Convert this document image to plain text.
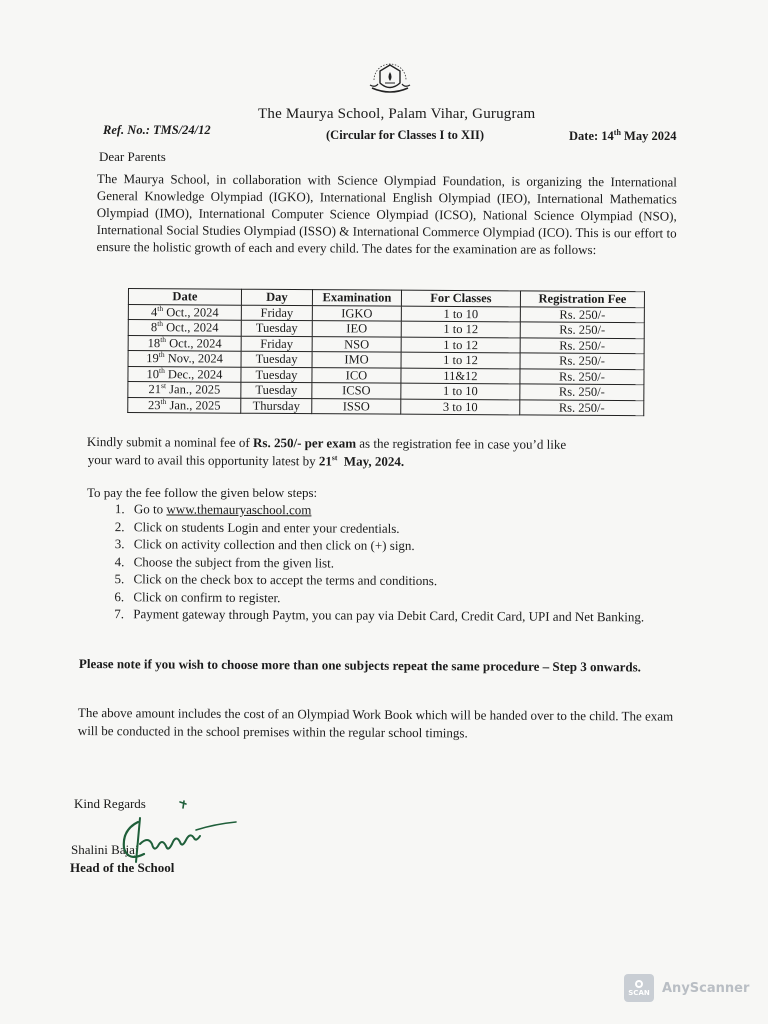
The Maurya School, Palam Vihar, Gurugram
Ref. No.: TMS/24/12	(Circular for Classes I to XII)	Date: 14th May 2024
Dear Parents
The Maurya School, in collaboration with Science Olympiad Foundation, is organizing the International General Knowledge Olympiad (IGKO), International English Olympiad (IEO), International Mathematics Olympiad (IMO), International Computer Science Olympiad (ICSO), National Science Olympiad (NSO), International Social Studies Olympiad (ISSO) & International Commerce Olympiad (ICO). This is our effort to ensure the holistic growth of each and every child. The dates for the examination are as follows:
Date	Day	Examination	For Classes	Registration Fee
4th Oct., 2024	Friday	IGKO	1 to 10	Rs. 250/-
8th Oct., 2024	Tuesday	IEO	1 to 12	Rs. 250/-
18th Oct., 2024	Friday	NSO	1 to 12	Rs. 250/-
19th Nov., 2024	Tuesday	IMO	1 to 12	Rs. 250/-
10th Dec., 2024	Tuesday	ICO	11&12	Rs. 250/-
21st Jan., 2025	Tuesday	ICSO	1 to 10	Rs. 250/-
23th Jan., 2025	Thursday	ISSO	3 to 10	Rs. 250/-
Kindly submit a nominal fee of Rs. 250/- per exam as the registration fee in case you’d like
your ward to avail this opportunity latest by 21st  May, 2024.
To pay the fee follow the given below steps:
1. Go to www.themauryaschool.com
2. Click on students Login and enter your credentials.
3. Click on activity collection and then click on (+) sign.
4. Choose the subject from the given list.
5. Click on the check box to accept the terms and conditions.
6. Click on confirm to register.
7. Payment gateway through Paytm, you can pay via Debit Card, Credit Card, UPI and Net Banking.
Please note if you wish to choose more than one subjects repeat the same procedure – Step 3 onwards.
The above amount includes the cost of an Olympiad Work Book which will be handed over to the child. The exam will be conducted in the school premises within the regular school timings.
Kind Regards
Shalini Bajaj
Head of the School
SCAN AnyScanner
